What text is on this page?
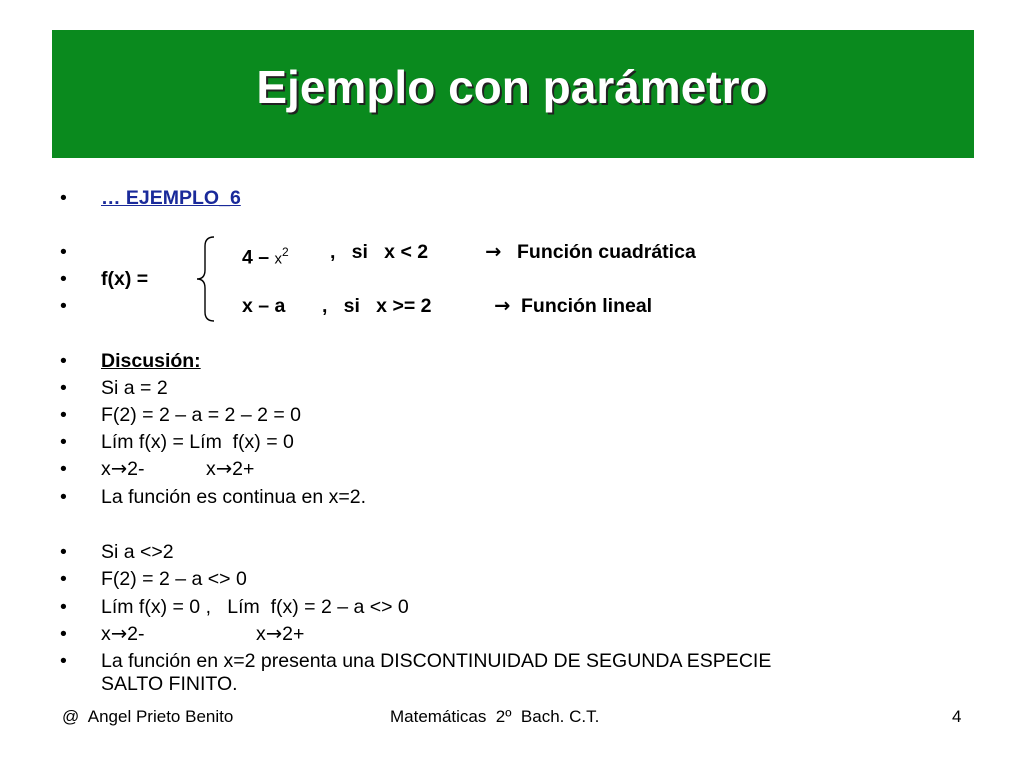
Ejemplo con parámetro

•

… EJEMPLO_6

•

	$4 - x^2$

,   si   x < 2

	→

Función cuadrática

•

f(x) =

•

	x – a

,   si   x >= 2

	→

Función lineal

•

Discusión:

•

Si a = 2

•

F(2) = 2 – a = 2 – 2 = 0

•

Lím f(x) = Lím  f(x) = 0

•

x→2-

	x→2+

•

La función es continua en x=2.

•

Si a <>2

•

F(2) = 2 – a <> 0

•

Lím f(x) = 0 ,   Lím  f(x) = 2 – a <> 0

•

x→2-

	x→2+

•

La función en x=2 presenta una DISCONTINUIDAD DE SEGUNDA ESPECIE

SALTO FINITO.

@  Angel Prieto Benito	Matemáticas  2º  Bach. C.T.	4
